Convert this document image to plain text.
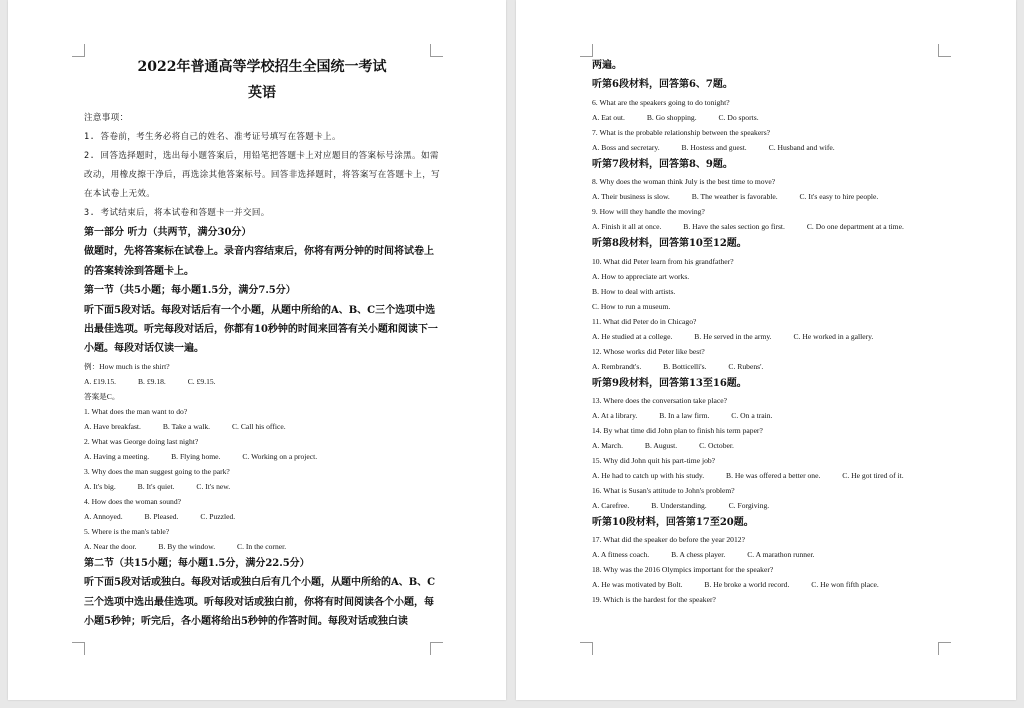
2022年普通高等学校招生全国统一考试

英语

注意事项：

1. 答卷前，考生务必将自己的姓名、准考证号填写在答题卡上。

2. 回答选择题时，选出每小题答案后，用铅笔把答题卡上对应题目的答案标号涂黑。如需改动，用橡皮擦干净后，再选涂其他答案标号。回答非选择题时，将答案写在答题卡上，写在本试卷上无效。

3. 考试结束后，将本试卷和答题卡一并交回。

第一部分 听力（共两节，满分30分）

做题时，先将答案标在试卷上。录音内容结束后，你将有两分钟的时间将试卷上的答案转涂到答题卡上。

第一节（共5小题；每小题1.5分，满分7.5分）

听下面5段对话。每段对话后有一个小题，从题中所给的A、B、C三个选项中选出最佳选项。听完每段对话后，你都有10秒钟的时间来回答有关小题和阅读下一小题。每段对话仅读一遍。

例：How much is the shirt?

A. £19.15.	B. £9.18.	C. £9.15.

答案是C。

1. What does the man want to do?

A. Have breakfast.	B. Take a walk.	C. Call his office.

2. What was George doing last night?

A. Having a meeting.	B. Flying home.	C. Working on a project.

3. Why does the man suggest going to the park?

A. It's big.	B. It's quiet.	C. It's new.

4. How does the woman sound?

A. Annoyed.	B. Pleased.	C. Puzzled.

5. Where is the man's table?

A. Near the door.	B. By the window.	C. In the corner.

第二节（共15小题；每小题1.5分，满分22.5分）

听下面5段对话或独白。每段对话或独白后有几个小题，从题中所给的A、B、C三个选项中选出最佳选项。听每段对话或独白前，你将有时间阅读各个小题，每小题5秒钟；听完后，各小题将给出5秒钟的作答时间。每段对话或独白读

两遍。

听第6段材料，回答第6、7题。

6. What are the speakers going to do tonight?

A. Eat out.	B. Go shopping.	C. Do sports.

7. What is the probable relationship between the speakers?

A. Boss and secretary.	B. Hostess and guest.	C. Husband and wife.

听第7段材料，回答第8、9题。

8. Why does the woman think July is the best time to move?

A. Their business is slow.	B. The weather is favorable.	C. It's easy to hire people.

9. How will they handle the moving?

A. Finish it all at once.	B. Have the sales section go first.	C. Do one department at a time.

听第8段材料，回答第10至12题。

10. What did Peter learn from his grandfather?

A. How to appreciate art works.

B. How to deal with artists.

C. How to run a museum.

11. What did Peter do in Chicago?

A. He studied at a college.	B. He served in the army.	C. He worked in a gallery.

12. Whose works did Peter like best?

A. Rembrandt's.	B. Botticelli's.	C. Rubens'.

听第9段材料，回答第13至16题。

13. Where does the conversation take place?

A. At a library.	B. In a law firm.	C. On a train.

14. By what time did John plan to finish his term paper?

A. March.	B. August.	C. October.

15. Why did John quit his part-time job?

A. He had to catch up with his study.	B. He was offered a better one.	C. He got tired of it.

16. What is Susan's attitude to John's problem?

A. Carefree.	B. Understanding.	C. Forgiving.

听第10段材料，回答第17至20题。

17. What did the speaker do before the year 2012?

A. A fitness coach.	B. A chess player.	C. A marathon runner.

18. Why was the 2016 Olympics important for the speaker?

A. He was motivated by Bolt.	B. He broke a world record.	C. He won fifth place.

19. Which is the hardest for the speaker?
